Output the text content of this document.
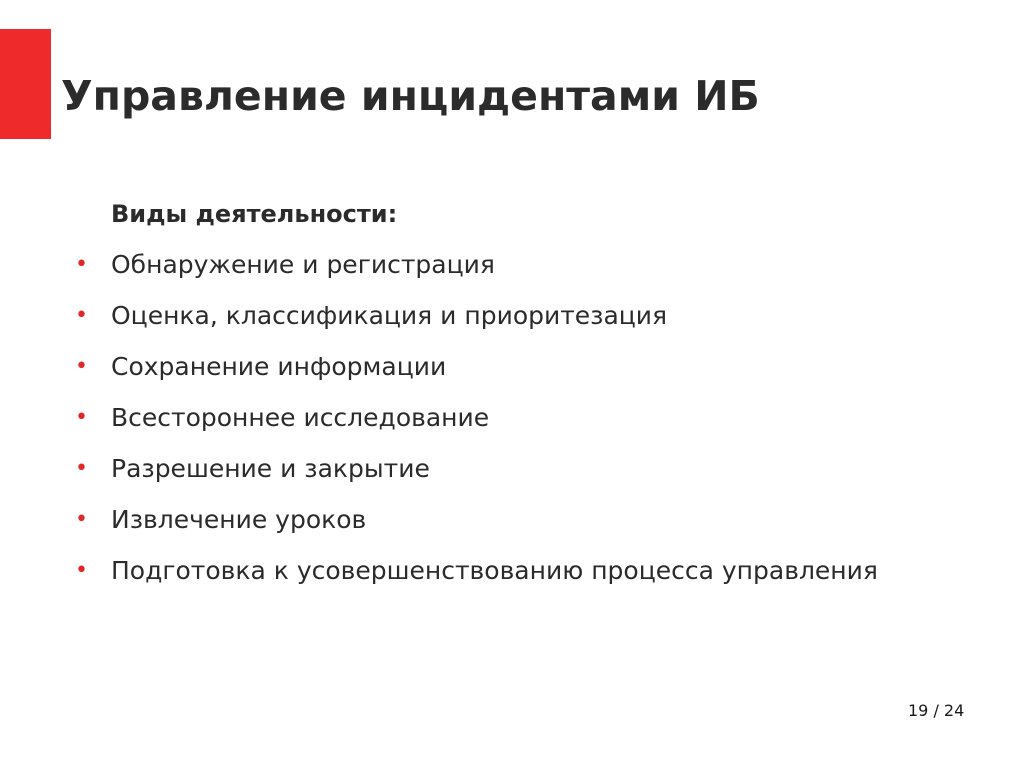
Управление инцидентами ИБ

Виды деятельности:

• Обнаружение и регистрация
• Оценка, классификация и приоритезация
• Сохранение информации
• Всестороннее исследование
• Разрешение и закрытие
• Извлечение уроков
• Подготовка к усовершенствованию процесса управления
19 / 24
